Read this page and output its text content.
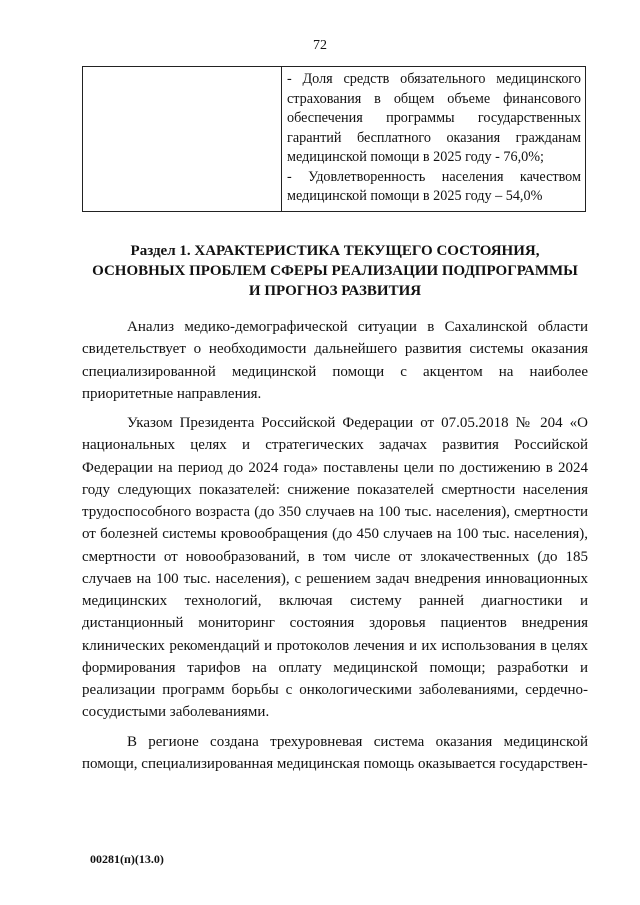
72

- Доля средств обязательного медицинского страхования в общем объеме финансового обеспечения программы государственных гарантий бесплатного оказания гражданам медицинской помощи в 2025 году - 76,0%;
- Удовлетворенность населения качеством медицинской помощи в 2025 году – 54,0%
Раздел 1. ХАРАКТЕРИСТИКА ТЕКУЩЕГО СОСТОЯНИЯ,
ОСНОВНЫХ ПРОБЛЕМ СФЕРЫ РЕАЛИЗАЦИИ ПОДПРОГРАММЫ
И ПРОГНОЗ РАЗВИТИЯ

Анализ медико-демографической ситуации в Сахалинской области свидетельствует о необходимости дальнейшего развития системы оказания специализированной медицинской помощи с акцентом на наиболее приоритетные направления.

Указом Президента Российской Федерации от 07.05.2018 № 204 «О национальных целях и стратегических задачах развития Российской Федерации на период до 2024 года» поставлены цели по достижению в 2024 году следующих показателей: снижение показателей смертности населения трудоспособного возраста (до 350 случаев на 100 тыс. населения), смертности от болезней системы кровообращения (до 450 случаев на 100 тыс. населения), смертности от новообразований, в том числе от злокачественных (до 185 случаев на 100 тыс. населения), с решением задач внедрения инновационных медицинских технологий, включая систему ранней диагностики и дистанционный мониторинг состояния здоровья пациентов внедрения клинических рекомендаций и протоколов лечения и их использования в целях формирования тарифов на оплату медицинской помощи; разработки и реализации программ борьбы с онкологическими заболеваниями, сердечно-сосудистыми заболеваниями.

В регионе создана трехуровневая система оказания медицинской помощи, специализированная медицинская помощь оказывается государствен-

00281(п)(13.0)
